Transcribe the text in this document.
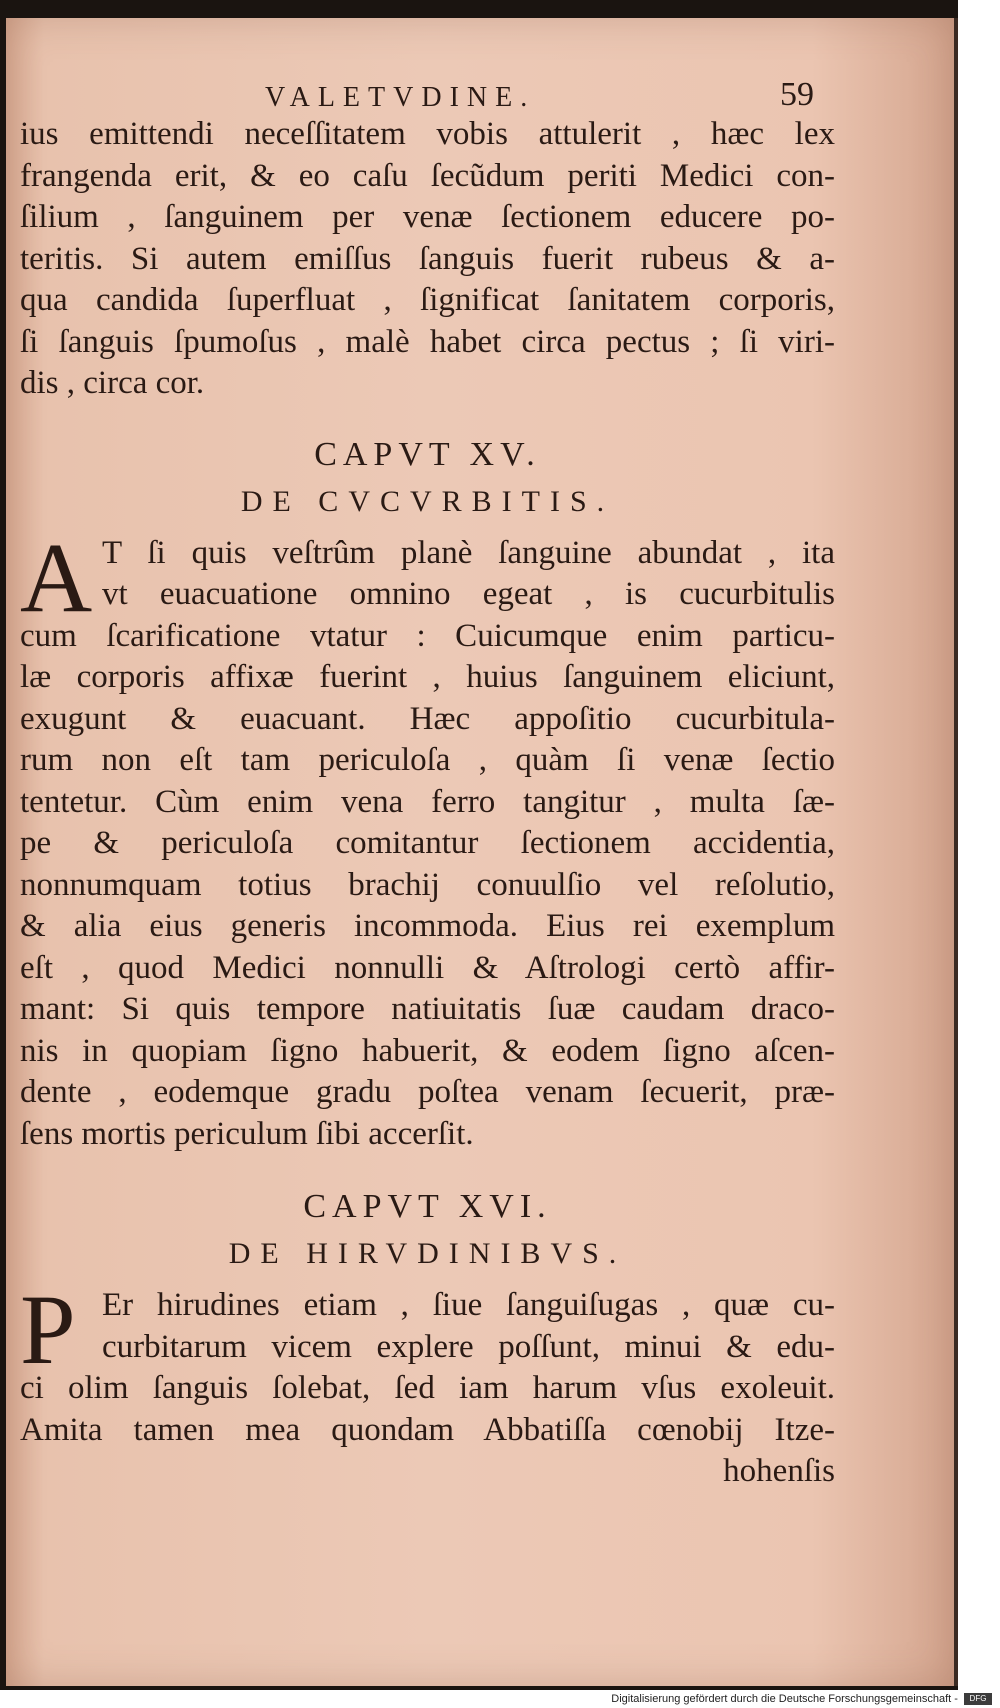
VALETVDINE.	59
ius emittendi neceſſitatem vobis attulerit , hæc lex
frangenda erit, & eo caſu ſecũdum periti Medici con-
ſilium , ſanguinem per venæ ſectionem educere po-
teritis. Si autem emiſſus ſanguis fuerit rubeus & a-
qua candida ſuperfluat , ſignificat ſanitatem corporis,
ſi ſanguis ſpumoſus , malè habet circa pectus ; ſi viri-
dis , circa cor.
CAPVT XV.
DE CVCVRBITIS.
A T ſi quis veſtrûm planè ſanguine abundat , ita
vt euacuatione omnino egeat , is cucurbitulis
cum ſcarificatione vtatur : Cuicumque enim particu-
læ corporis affixæ fuerint , huius ſanguinem eliciunt,
exugunt & euacuant. Hæc appoſitio cucurbitula-
rum non eſt tam periculoſa , quàm ſi venæ ſectio
tentetur. Cùm enim vena ferro tangitur , multa ſæ-
pe & periculoſa comitantur ſectionem accidentia,
nonnumquam totius brachij conuulſio vel reſolutio,
& alia eius generis incommoda. Eius rei exemplum
eſt , quod Medici nonnulli & Aſtrologi certò affir-
mant: Si quis tempore natiuitatis ſuæ caudam draco-
nis in quopiam ſigno habuerit, & eodem ſigno aſcen-
dente , eodemque gradu poſtea venam ſecuerit, præ-
ſens mortis periculum ſibi accerſit.
CAPVT XVI.
DE HIRVDINIBVS.
P Er hirudines etiam , ſiue ſanguiſugas , quæ cu-
curbitarum vicem explere poſſunt, minui & edu-
ci olim ſanguis ſolebat, ſed iam harum vſus exoleuit.
Amita tamen mea quondam Abbatiſſa cœnobij Itze-
hohenſis
Digitalisierung gefördert durch die Deutsche Forschungsgemeinschaft - DFG
